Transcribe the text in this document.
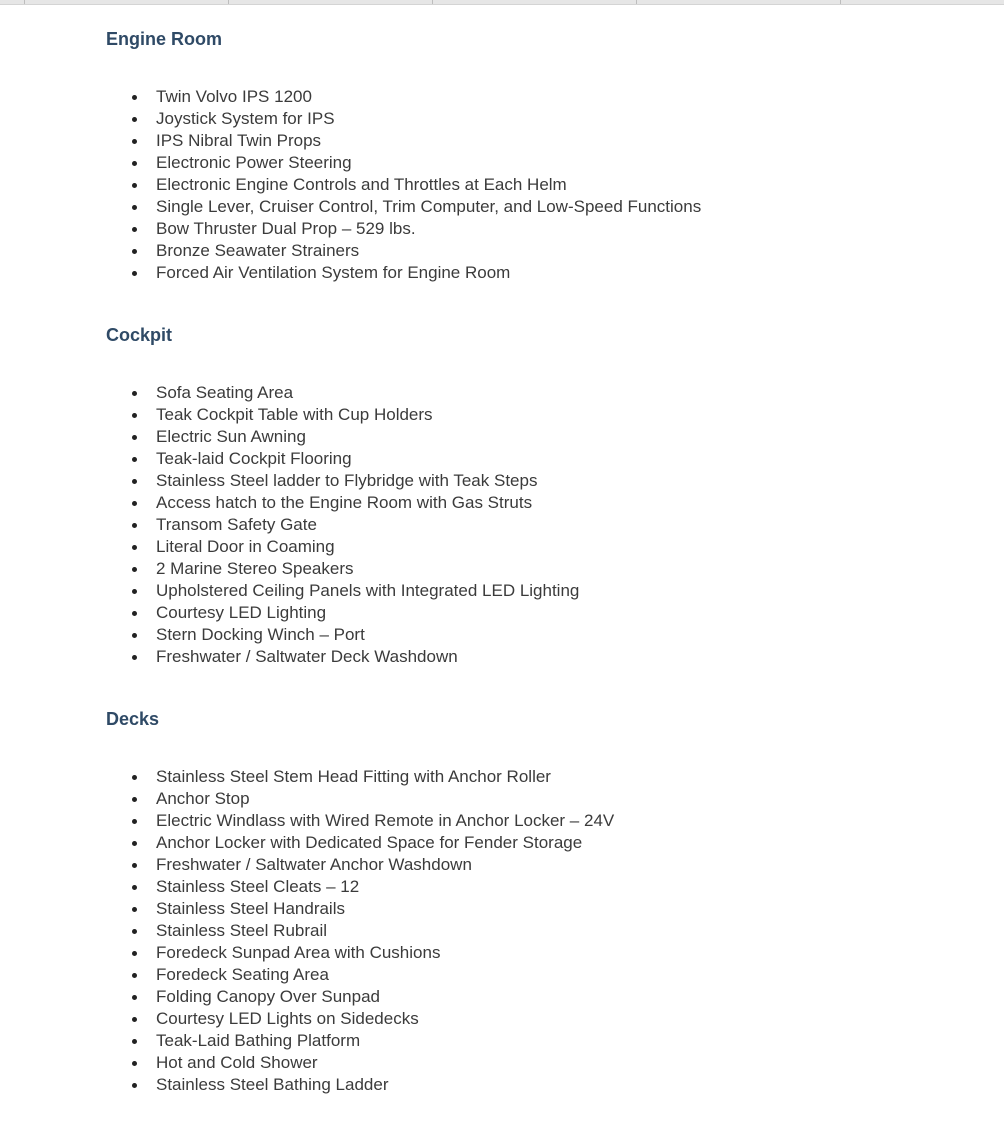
Engine Room
Twin Volvo IPS 1200
Joystick System for IPS
IPS Nibral Twin Props
Electronic Power Steering
Electronic Engine Controls and Throttles at Each Helm
Single Lever, Cruiser Control, Trim Computer, and Low-Speed Functions
Bow Thruster Dual Prop – 529 lbs.
Bronze Seawater Strainers
Forced Air Ventilation System for Engine Room
Cockpit
Sofa Seating Area
Teak Cockpit Table with Cup Holders
Electric Sun Awning
Teak-laid Cockpit Flooring
Stainless Steel ladder to Flybridge with Teak Steps
Access hatch to the Engine Room with Gas Struts
Transom Safety Gate
Literal Door in Coaming
2 Marine Stereo Speakers
Upholstered Ceiling Panels with Integrated LED Lighting
Courtesy LED Lighting
Stern Docking Winch – Port
Freshwater / Saltwater Deck Washdown
Decks
Stainless Steel Stem Head Fitting with Anchor Roller
Anchor Stop
Electric Windlass with Wired Remote in Anchor Locker – 24V
Anchor Locker with Dedicated Space for Fender Storage
Freshwater / Saltwater Anchor Washdown
Stainless Steel Cleats – 12
Stainless Steel Handrails
Stainless Steel Rubrail
Foredeck Sunpad Area with Cushions
Foredeck Seating Area
Folding Canopy Over Sunpad
Courtesy LED Lights on Sidedecks
Teak-Laid Bathing Platform
Hot and Cold Shower
Stainless Steel Bathing Ladder
